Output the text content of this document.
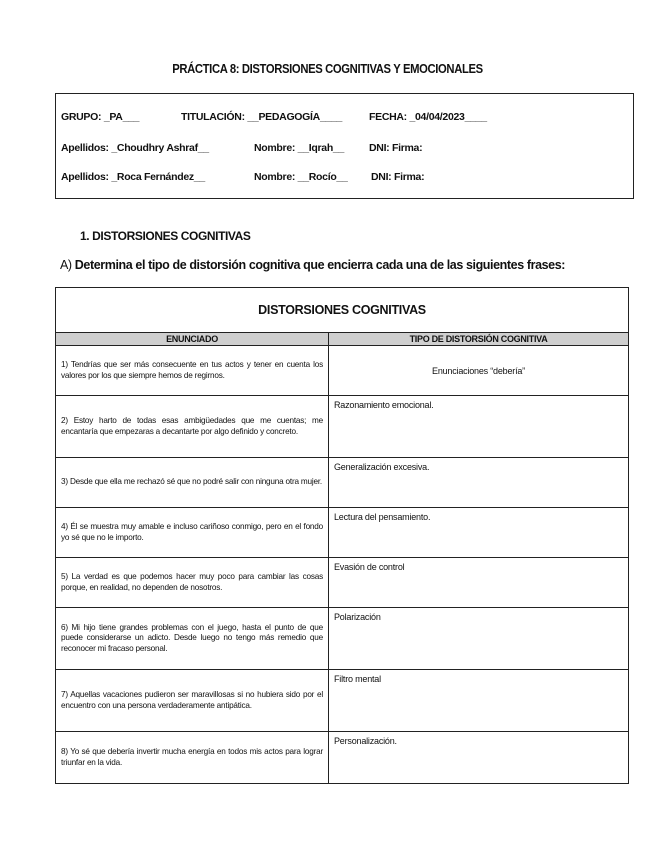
PRÁCTICA 8: DISTORSIONES COGNITIVAS Y EMOCIONALES
GRUPO: _PA___	TITULACIÓN: __PEDAGOGÍA____	FECHA: _04/04/2023____
Apellidos: _Choudhry Ashraf__	Nombre: __Iqrah__ DNI: Firma:
Apellidos: _Roca Fernández__	Nombre: __Rocío__ DNI: Firma:
1. DISTORSIONES COGNITIVAS
A) Determina el tipo de distorsión cognitiva que encierra cada una de las siguientes frases:
DISTORSIONES COGNITIVAS	
ENUNCIADO	TIPO DE DISTORSIÓN COGNITIVA
1) Tendrías que ser más consecuente en tus actos y tener en cuenta los valores por los que siempre hemos de regirnos.	Enunciaciones “debería”
2) Estoy harto de todas esas ambigüedades que me cuentas; me encantaría que empezaras a decantarte por algo definido y concreto.	Razonamiento emocional.
3) Desde que ella me rechazó sé que no podré salir con ninguna otra mujer.	Generalización excesiva.
4) Él se muestra muy amable e incluso cariñoso conmigo, pero en el fondo yo sé que no le importo.	Lectura del pensamiento.
5) La verdad es que podemos hacer muy poco para cambiar las cosas porque, en realidad, no dependen de nosotros.	Evasión de control
6) Mi hijo tiene grandes problemas con el juego, hasta el punto de que puede considerarse un adicto. Desde luego no tengo más remedio que reconocer mi fracaso personal.	Polarización
7) Aquellas vacaciones pudieron ser maravillosas si no hubiera sido por el encuentro con una persona verdaderamente antipática.	Filtro mental
8) Yo sé que debería invertir mucha energía en todos mis actos para lograr triunfar en la vida.	Personalización.
